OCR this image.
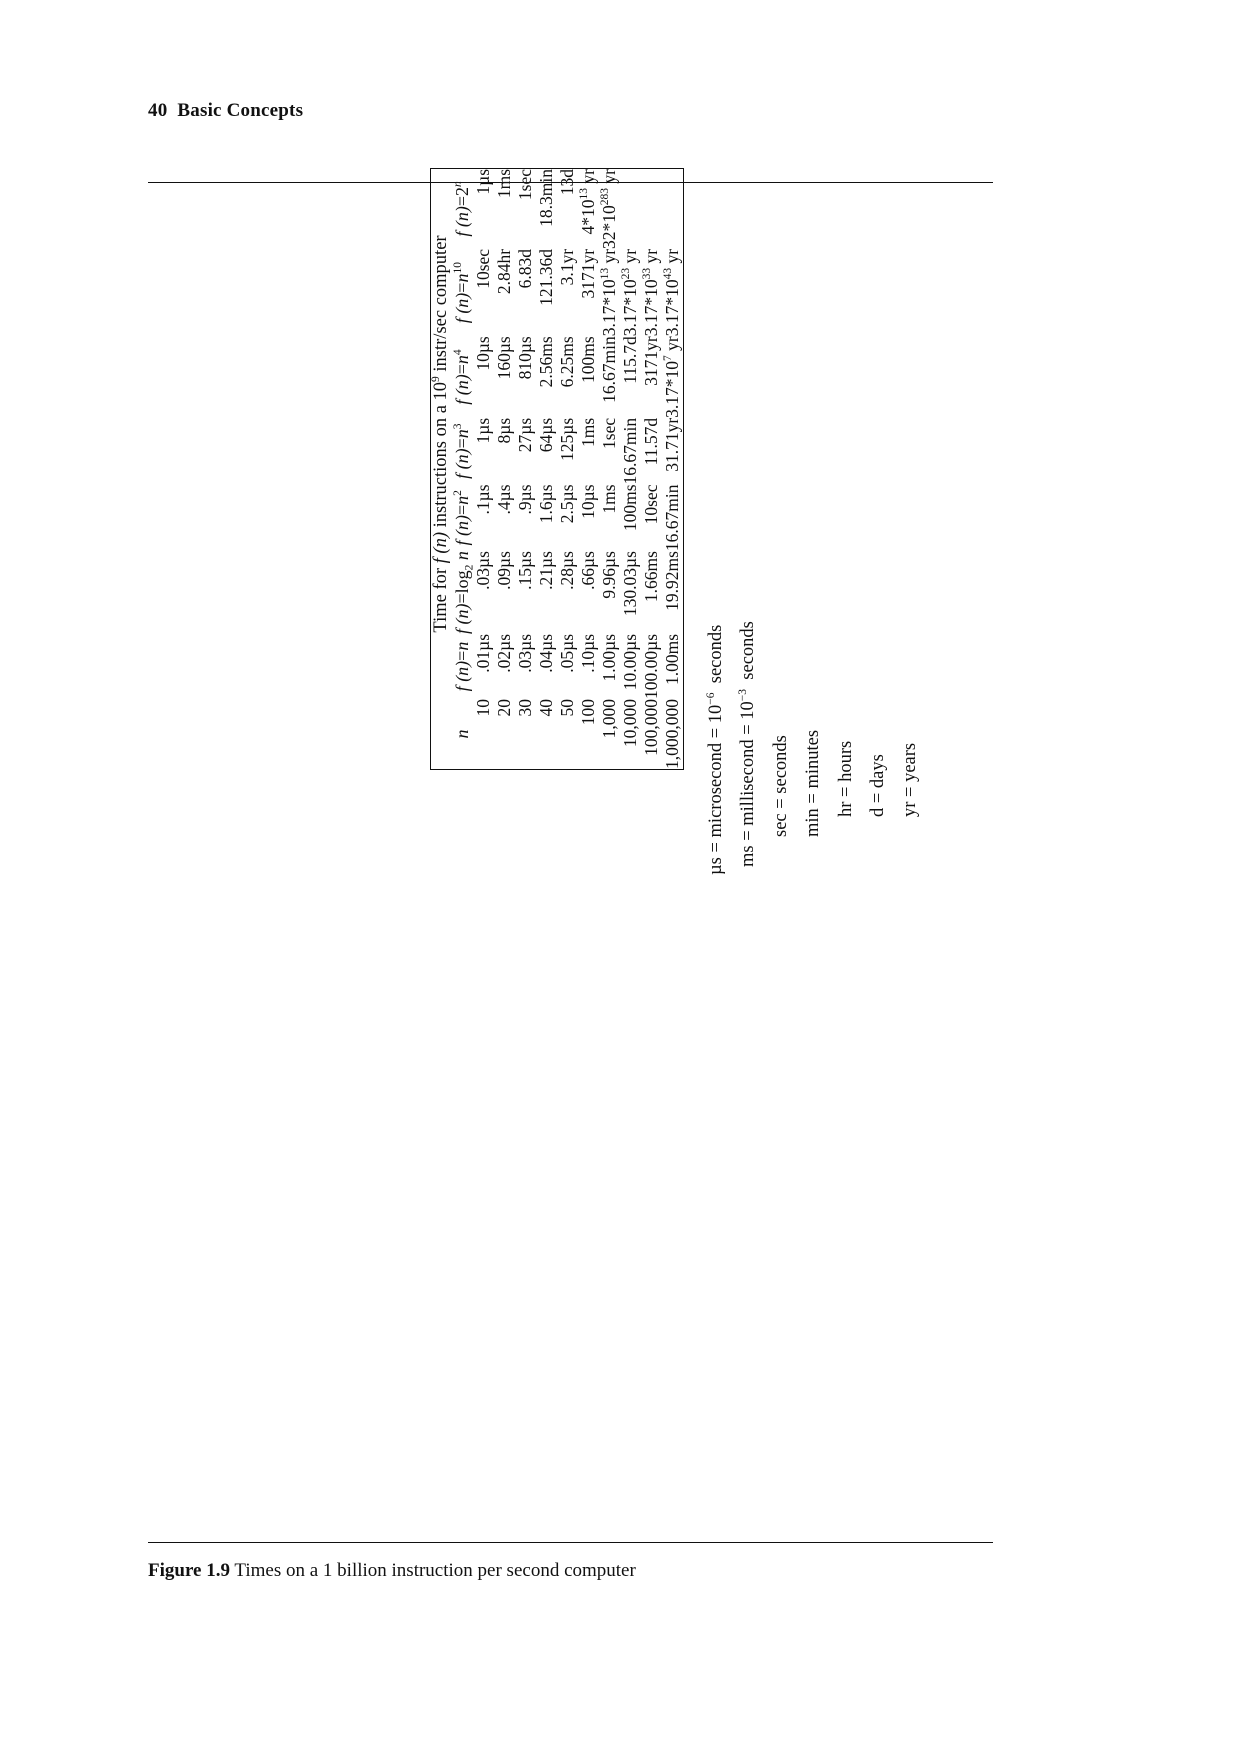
40 Basic Concepts
	Time for f (n) instructions on a $10^9$ instr/sec computer						
n	f (n)=n	f $(n)=\log_2$ n	f $(n)=n^2$	f $(n)=n^3$	f $(n)=n^4$	f $(n)=n^{10}$	f $(n)=2^n$
10	.01µs	.03µs	.1µs	1µs	10µs	10sec	1µs
20	.02µs	.09µs	.4µs	8µs	160µs	2.84hr	1ms
30	.03µs	.15µs	.9µs	27µs	810µs	6.83d	1sec
40	.04µs	.21µs	1.6µs	64µs	2.56ms	121.36d	18.3min
50	.05µs	.28µs	2.5µs	125µs	6.25ms	3.1yr	13d
100	.10µs	.66µs	10µs	1ms	100ms	3171yr	$4*10^{13}$ yr
1,000	1.00µs	9.96µs	1ms	1sec	16.67min	$3.17*10^{13}$ yr	$32*10^{283}$ yr
10,000	10.00µs	130.03µs	100ms	16.67min	115.7d	$3.17*10^{23}$ yr	
100,000	100.00µs	1.66ms	10sec	11.57d	3171yr	$3.17*10^{33}$ yr	
1,000,000	1.00ms	19.92ms	16.67min	31.71yr	$3.17*10^7$ yr	$3.17*10^{43}$ yr	
µs = microsecond = $10^{-6}$  seconds
ms = millisecond = $10^{-3}$  seconds
sec = seconds min = minutes hr = hours d = days yr = years
Figure 1.9 Times on a 1 billion instruction per second computer
